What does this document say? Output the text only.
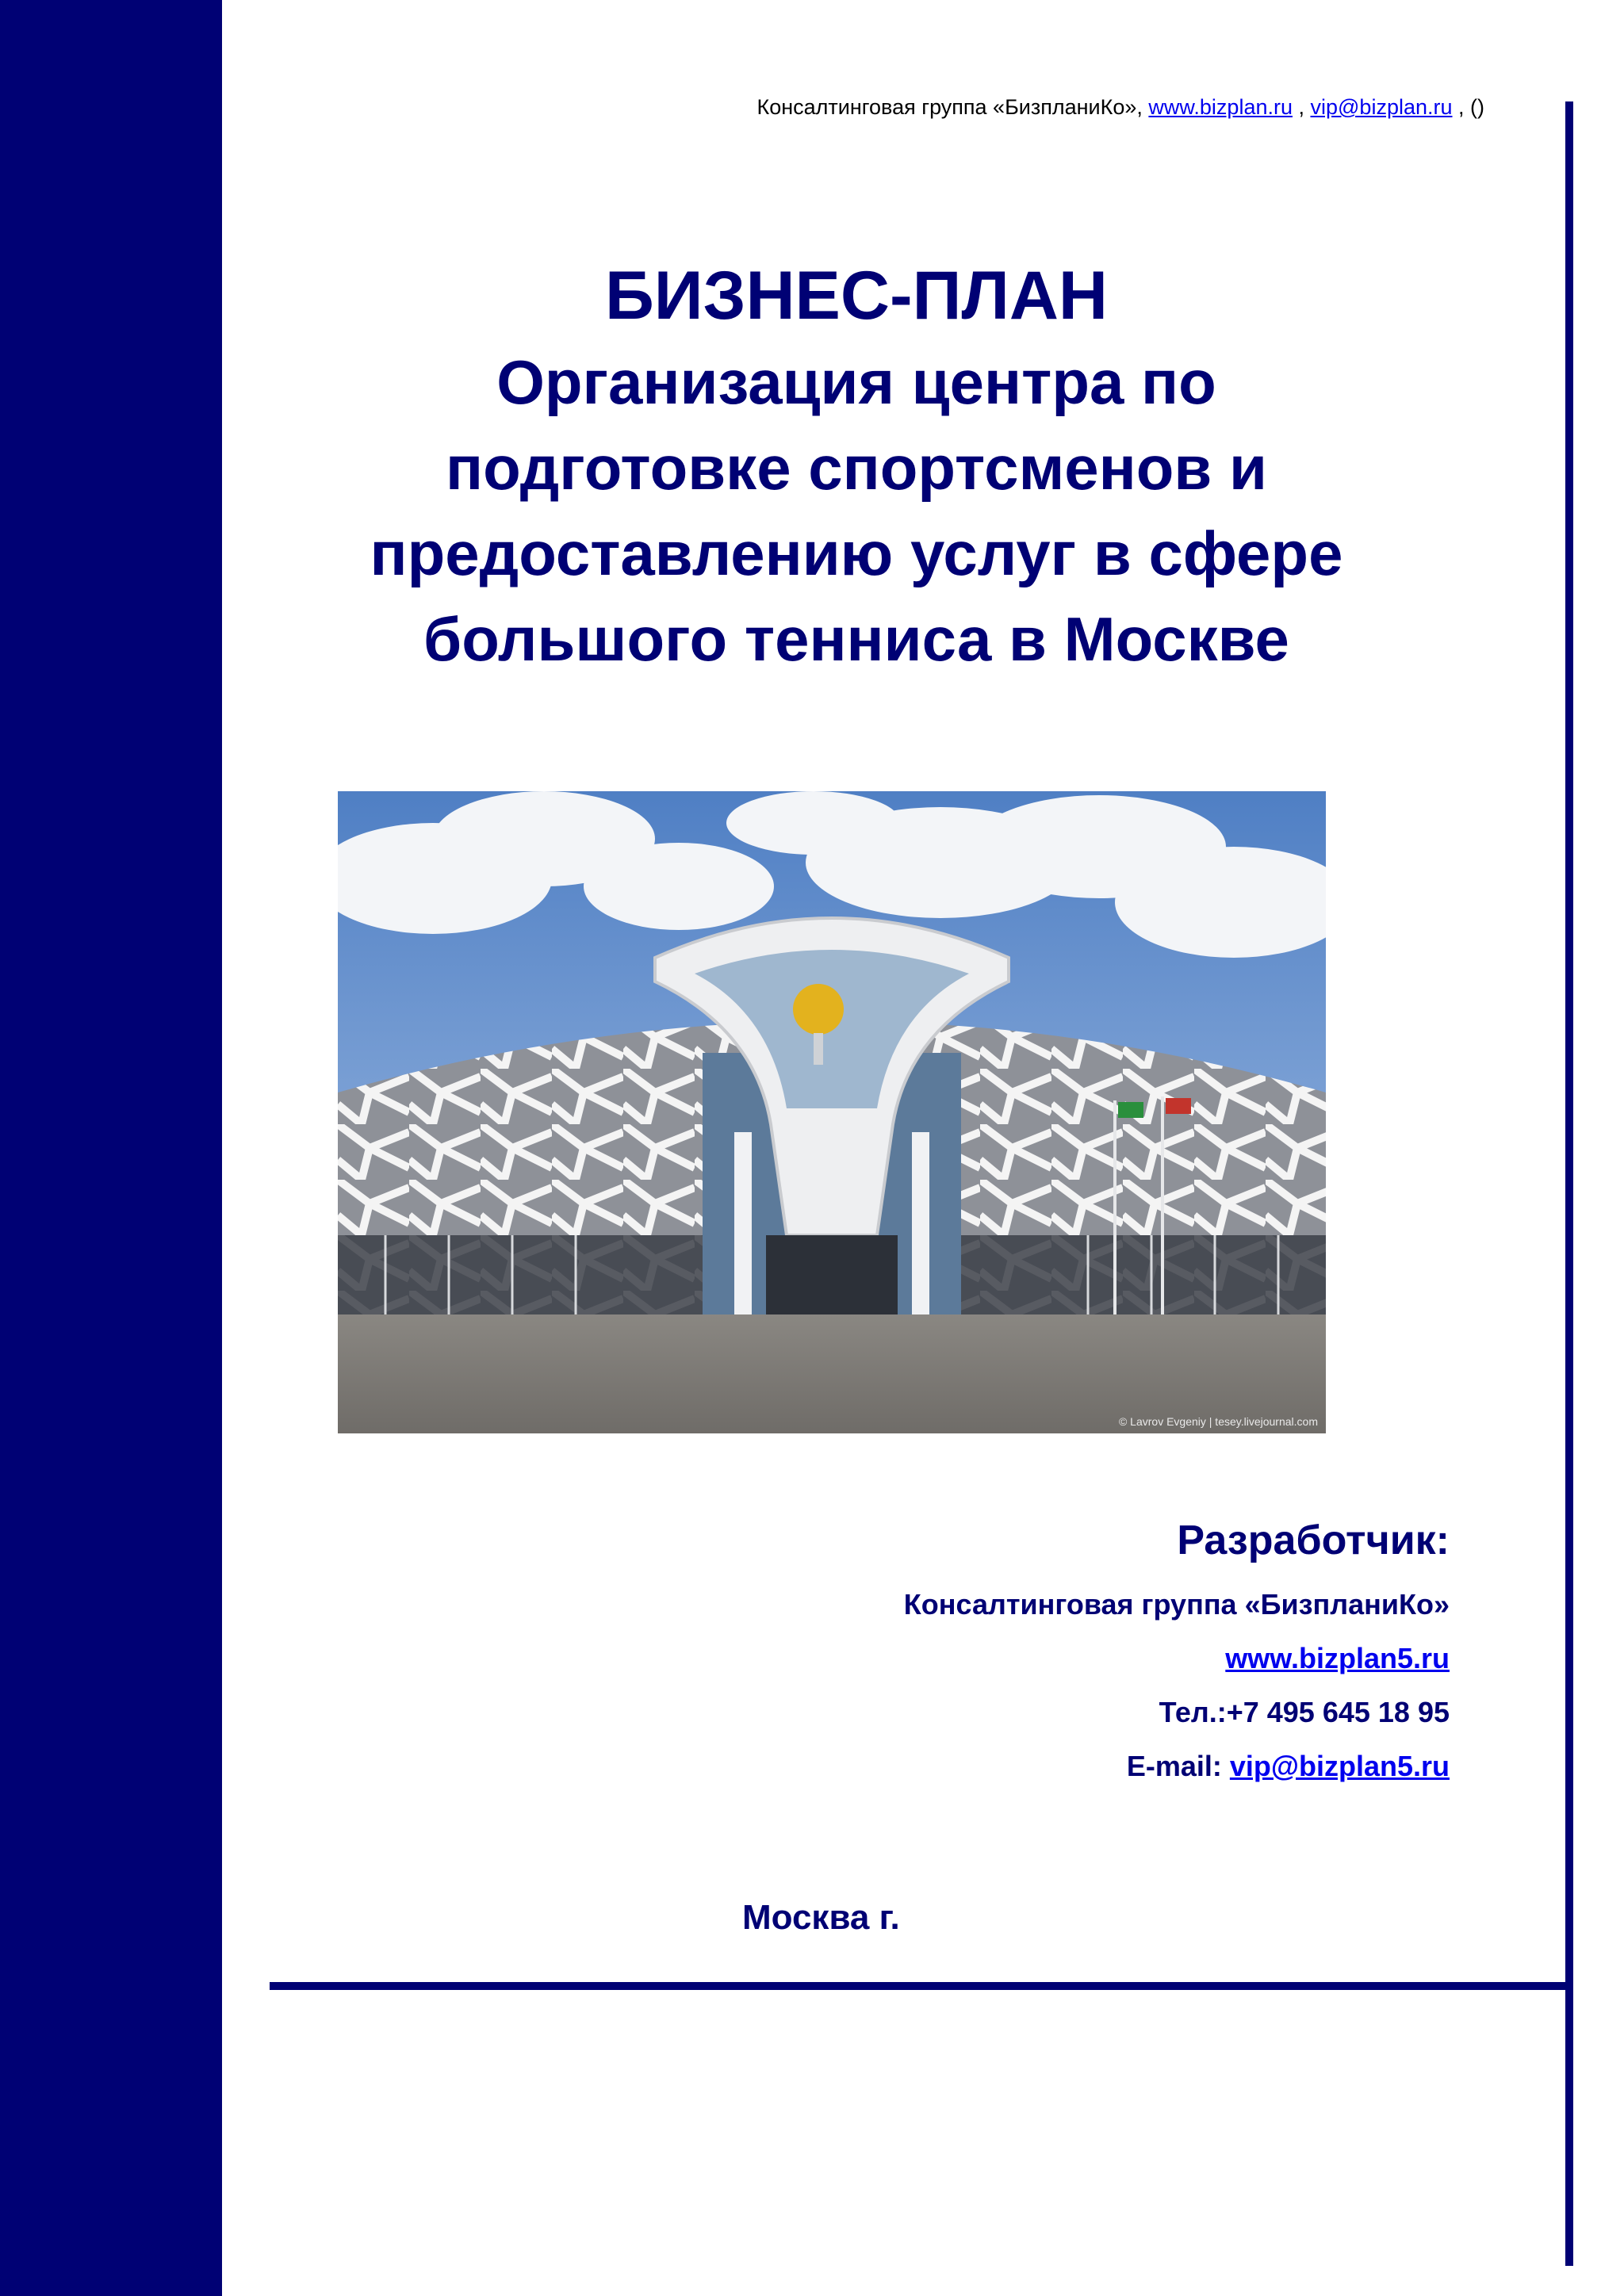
Консалтинговая группа «БизпланиКо», www.bizplan.ru , vip@bizplan.ru , ()
БИЗНЕС-ПЛАН
Организация центра по
подготовке спортсменов и
предоставлению услуг в сфере
большого тенниса в Москве
© Lavrov Evgeniy | tesey.livejournal.com
Разработчик:
Консалтинговая группа «БизпланиКо»
www.bizplan5.ru
Тел.:+7 495 645 18 95
E-mail: vip@bizplan5.ru
Москва г.
